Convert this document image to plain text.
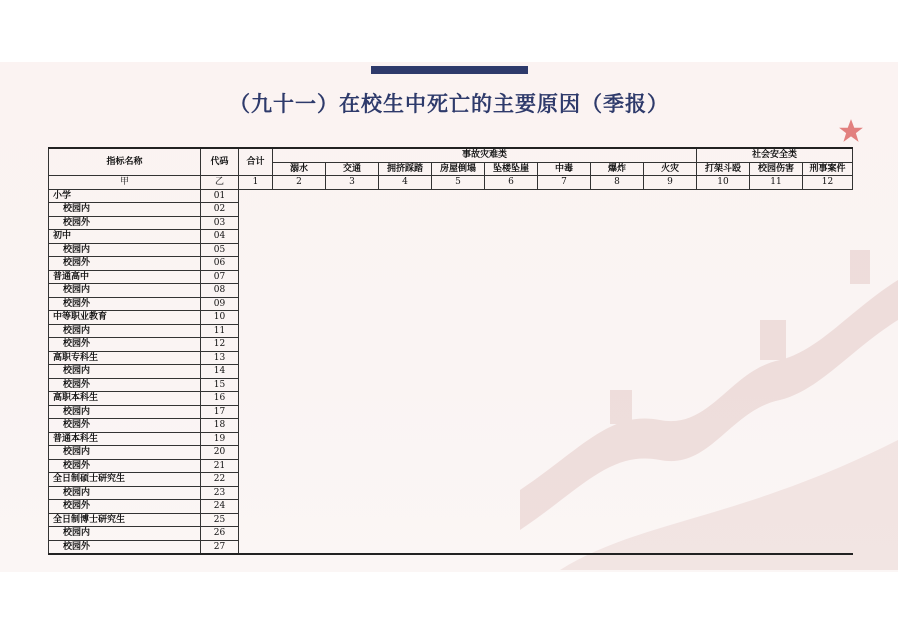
（九十一）在校生中死亡的主要原因（季报）
指标名称	代码	合计	事故灾难类								社会安全类		
			溺水	交通	拥挤踩踏	房屋倒塌	坠楼坠崖	中毒	爆炸	火灾	打架斗殴	校园伤害	刑事案件
甲	乙	1	2	3	4	5	6	7	8	9	10	11	12
小学	01												
校园内	02												
校园外	03												
初中	04												
校园内	05												
校园外	06												
普通高中	07												
校园内	08												
校园外	09												
中等职业教育	10												
校园内	11												
校园外	12												
高职专科生	13												
校园内	14												
校园外	15												
高职本科生	16												
校园内	17												
校园外	18												
普通本科生	19												
校园内	20												
校园外	21												
全日制硕士研究生	22												
校园内	23												
校园外	24												
全日制博士研究生	25												
校园内	26												
校园外	27												
